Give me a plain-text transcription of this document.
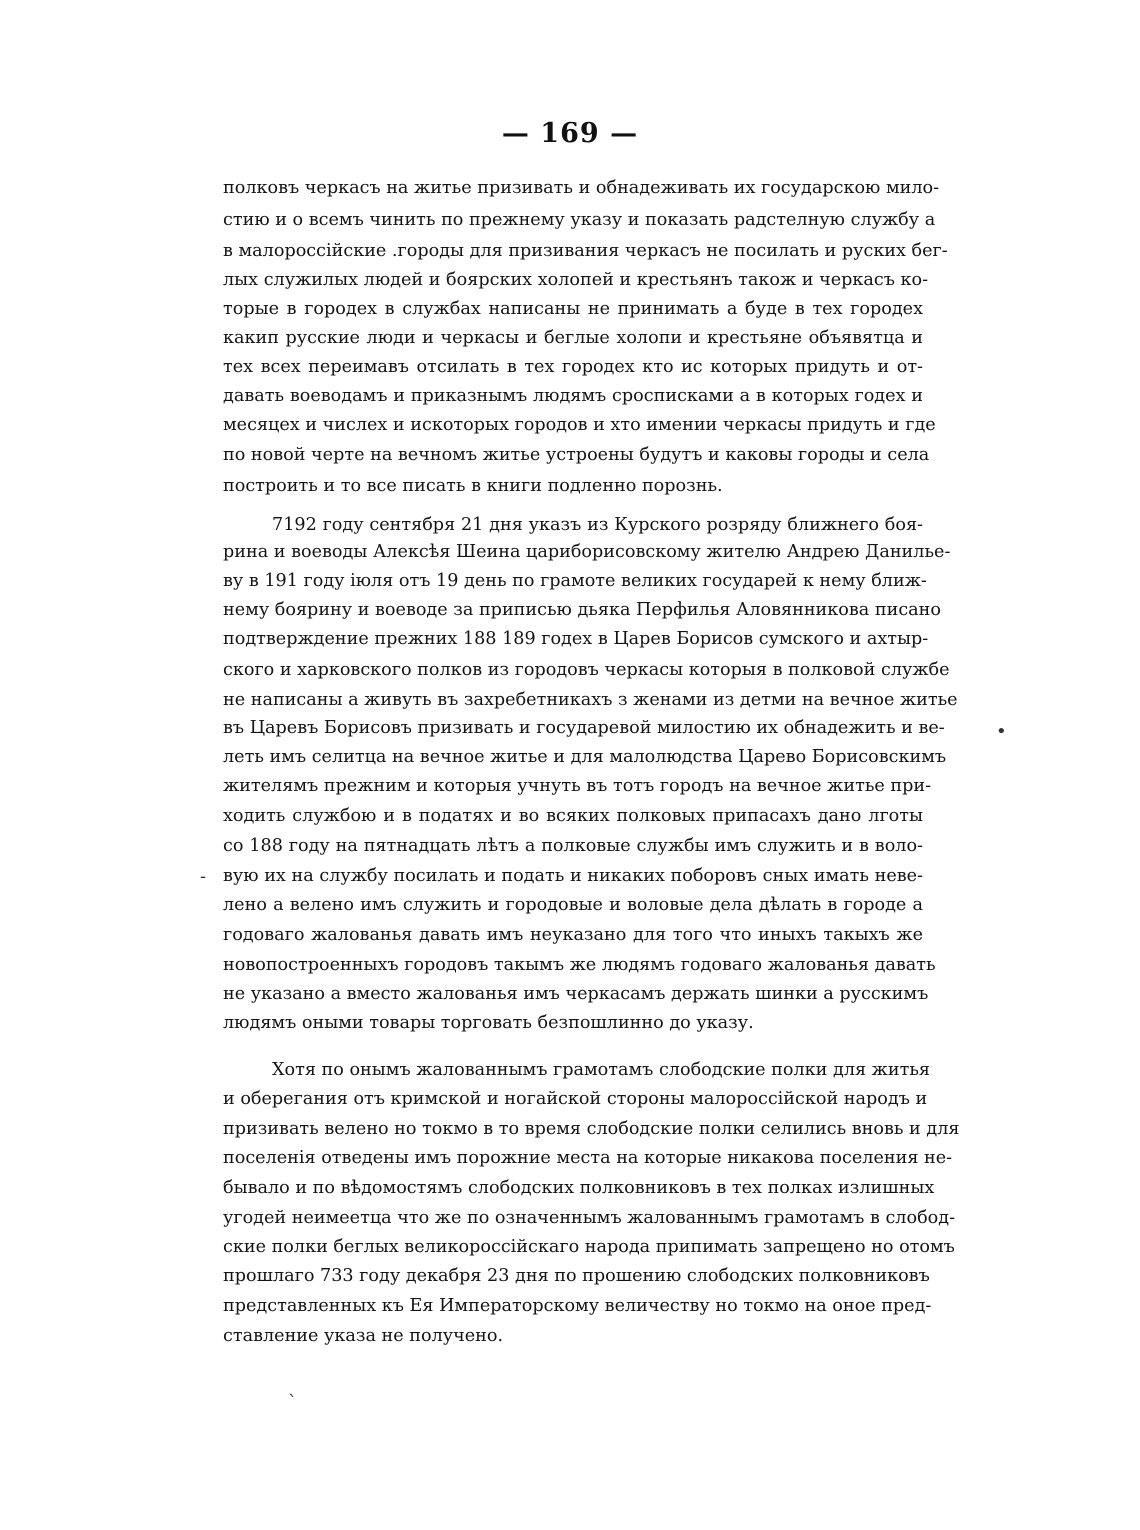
— 169 —
полковъ черкасъ на житье призивать и обнадеживать их государскою мило-
стию и о всемъ чинить по прежнему указу и показать радстелную службу а
в малороссійские .городы для призивания черкасъ не посилать и руских бег-
лых служилых людей и боярских холопей и крестьянъ також и черкасъ ко-
торые в городех в службах написаны не принимать а буде в тех городех
какип русские люди и черкасы и беглые холопи и крестьяне объявятца и
тех всех переимавъ отсилать в тех городех кто ис которых придуть и от-
давать воеводамъ и приказнымъ людямъ сросписками а в которых годех и
месяцех и числех и искоторых городов и хто имении черкасы придуть и где
по новой черте на вечномъ житье устроены будутъ и каковы городы и села
построить и то все писать в книги подленно порознь.
7192 году сентября 21 дня указъ из Курского розряду ближнего боя-
рина и воеводы Алексѣя Шеина цариборисовскому жителю Андрею Данилье-
ву в 191 году іюля отъ 19 день по грамоте великих государей к нему ближ-
нему боярину и воеводе за приписью дьяка Перфилья Аловянникова писано
подтверждение прежних 188 189 годех в Царев Борисов сумского и ахтыр-
ского и харковского полков из городовъ черкасы которыя в полковой службе
не написаны а живуть въ захребетникахъ з женами из детми на вечное житье
въ Царевъ Борисовъ призивать и государевой милостию их обнадежить и ве-
леть имъ селитца на вечное житье и для малолюдства Царево Борисовскимъ
жителямъ прежним и которыя учнуть въ тотъ городъ на вечное житье при-
ходить службою и в податях и во всяких полковых припасахъ дано лготы
со 188 году на пятнадцать лѣтъ а полковые службы имъ служить и в воло-
вую их на службу посилать и подать и никаких поборовъ сных имать невe-
лено а велено имъ служить и городовые и воловые дела дѣлать в городе а
годоваго жалованья давать имъ неуказано для того что иныхъ такыхъ же
новопостроенныхъ городовъ такымъ же людямъ годоваго жалованья давать
не указано а вместо жалованья имъ черкасамъ держать шинки а русскимъ
людямъ оными товары торговать безпошлинно до указу.
Хотя по онымъ жалованнымъ грамотамъ слободские полки для житья
и оберегания отъ кримской и ногайской стороны малороссійской народъ и
призивать велено но токмо в то время слободские полки селились вновь и для
поселенія отведены имъ порожние места на которые никакова поселения не-
бывало и по вѣдомостямъ слободских полковниковъ в тех полках излишных
угодей неимеетца что же по означеннымъ жалованнымъ грамотамъ в слобод-
ские полки беглых великороссійскаго народа припимать запрещено но отомъ
прошлаго 733 году декабря 23 дня по прошению слободских полковниковъ
представленных къ Ея Императорскому величеству но токмо на оное пред-
ставление указа не получено.
•
-
`
